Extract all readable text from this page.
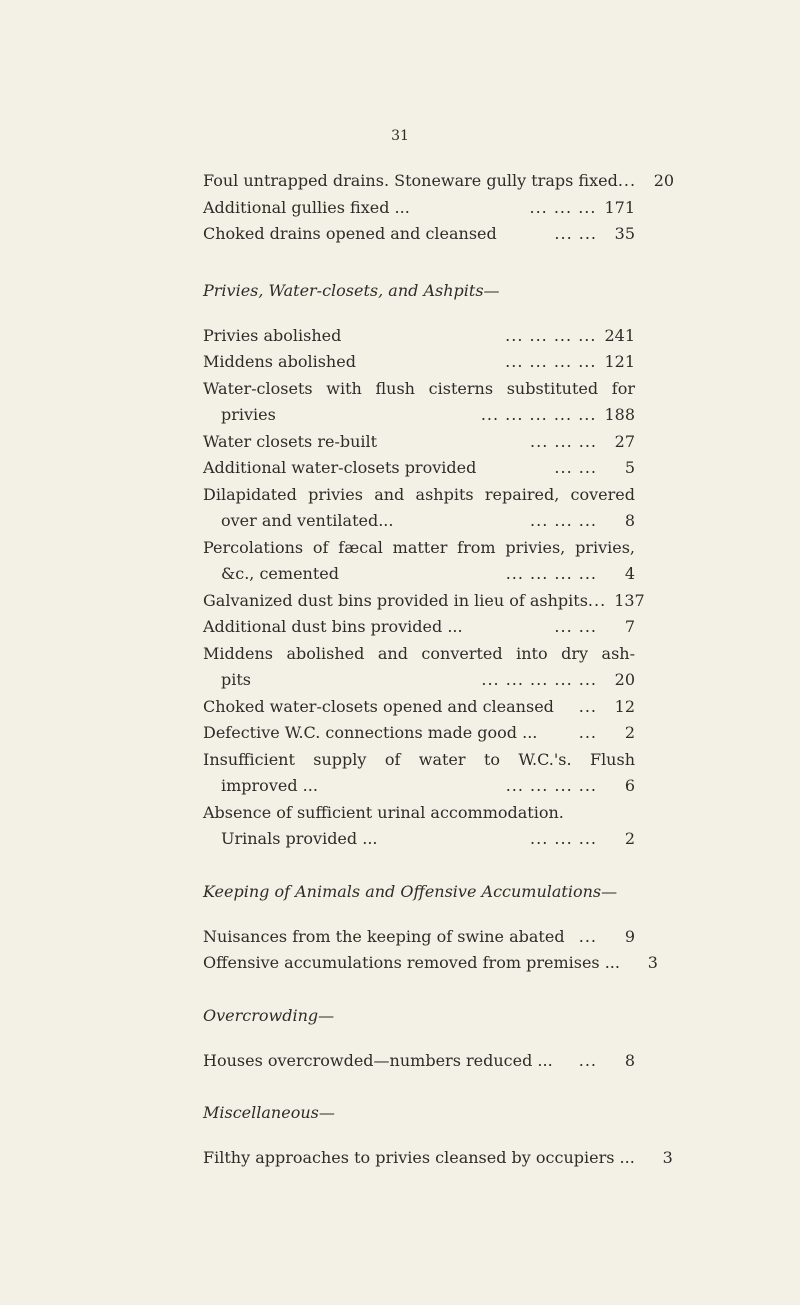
31
Foul untrapped drains. Stoneware gully traps fixed ...	20
Additional gullies fixed ...	... ... ... 171
Choked drains opened and cleansed	... ...	35

Privies, Water-closets, and Ashpits—

Privies abolished	... ... ... ... 241
Middens abolished	... ... ... ... 121
Water-closets with flush cisterns substituted for
privies	... ... ... ... ... 188
Water closets re-built	... ... ...	27
Additional water-closets provided	... ...	5
Dilapidated privies and ashpits repaired, covered
over and ventilated...	... ... ...	8
Percolations of fæcal matter from privies, privies,
&c., cemented	... ... ... ...	4
Galvanized dust bins provided in lieu of ashpits ... 137
Additional dust bins provided ...	... ...	7
Middens abolished and converted into dry ash-
pits	... ... ... ... ...	20
Choked water-closets opened and cleansed	...	12
Defective W.C. connections made good ...	...	2
Insufficient supply of water to W.C.'s. Flush
improved ...	... ... ... ...	6
Absence of sufficient urinal accommodation.
Urinals provided ...	... ... ...	2

Keeping of Animals and Offensive Accumulations—

Nuisances from the keeping of swine abated ...	9
Offensive accumulations removed from premises ...	3

Overcrowding—

Houses overcrowded—numbers reduced ...	...	8

Miscellaneous—

Filthy approaches to privies cleansed by occupiers ...	3
